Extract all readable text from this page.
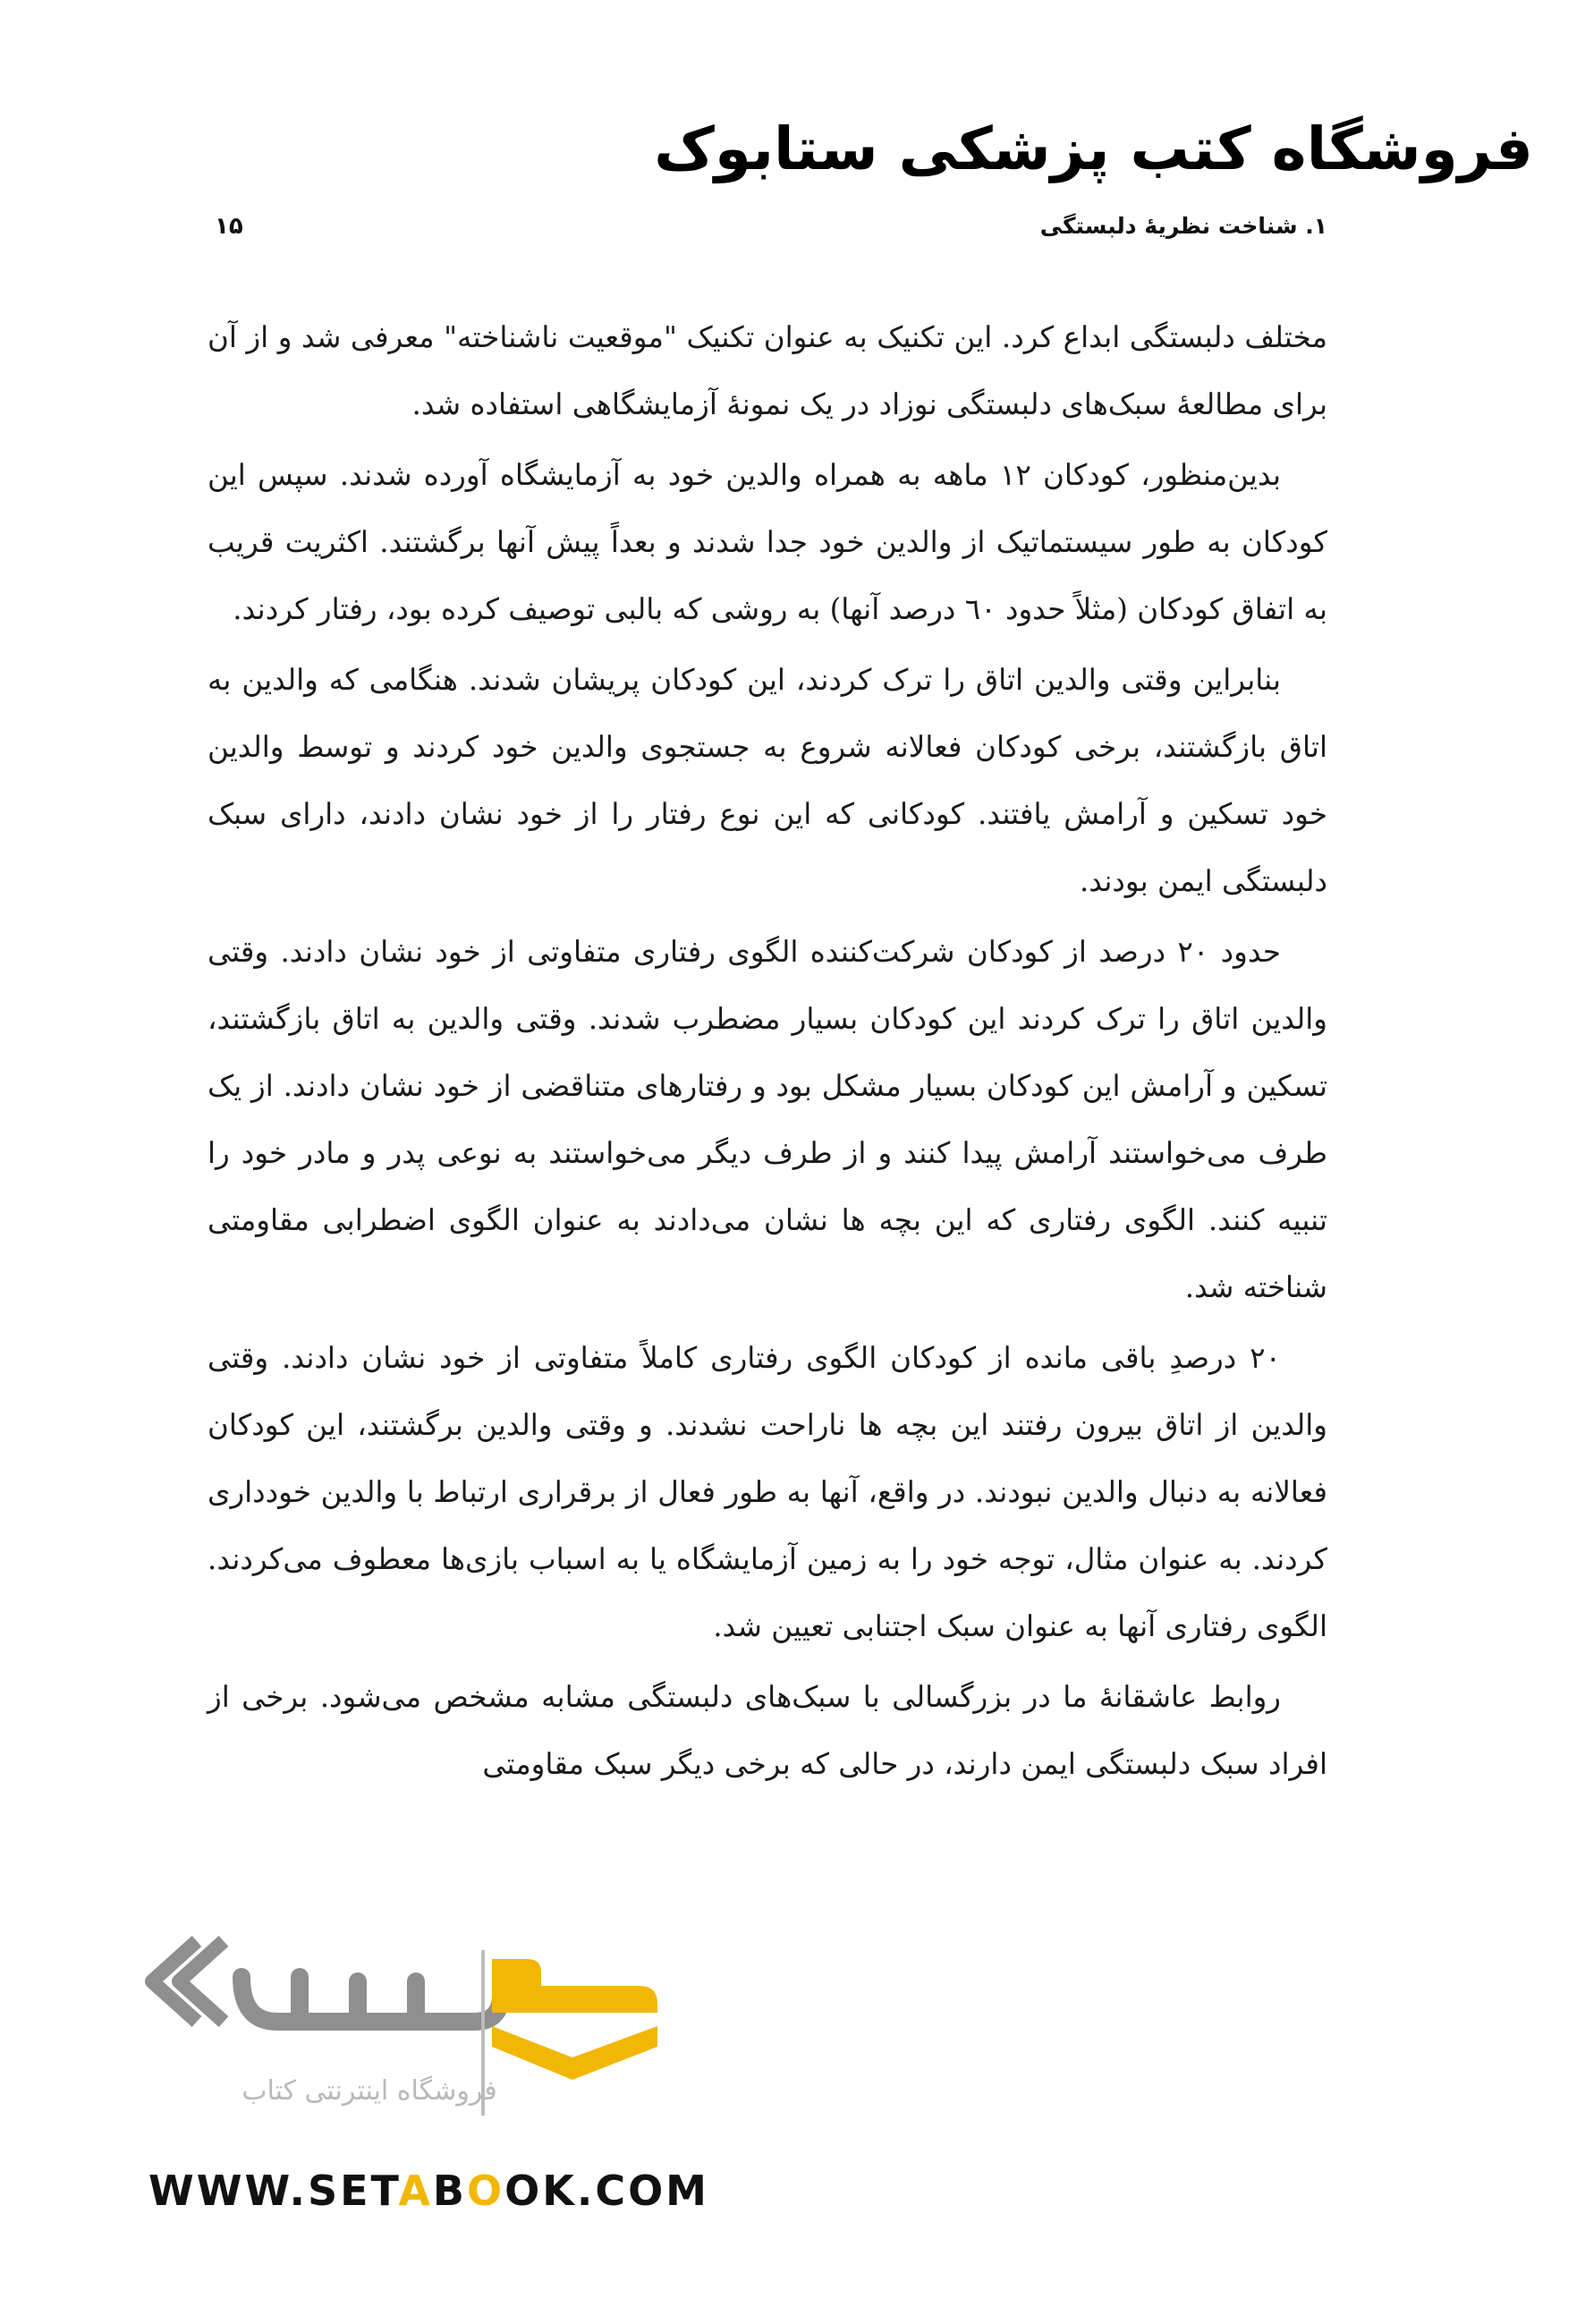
فروشگاه کتب پزشکی ستابوک
۱. شناخت نظریهٔ دلبستگی
۱۵

مختلف دلبستگی ابداع کرد. این تکنیک به عنوان تکنیک "موقعیت ناشناخته" معرفی شد و از آن برای مطالعهٔ سبک‌های دلبستگی نوزاد در یک نمونهٔ آزمایشگاهی استفاده شد.

بدین‌منظور، کودکان ۱۲ ماهه به همراه والدین خود به آزمایشگاه آورده شدند. سپس این کودکان به طور سیستماتیک از والدین خود جدا شدند و بعداً پیش آنها برگشتند. اکثریت قریب به اتفاق کودکان (مثلاً حدود ٦٠ درصد آنها) به روشی که بالبی توصیف کرده بود، رفتار کردند.

بنابراین وقتی والدین اتاق را ترک کردند، این کودکان پریشان شدند. هنگامی که والدین به اتاق بازگشتند، برخی کودکان فعالانه شروع به جستجوی والدین خود کردند و توسط والدین خود تسکین و آرامش یافتند. کودکانی که این نوع رفتار را از خود نشان دادند، دارای سبک دلبستگی ایمن بودند.

حدود ٢٠ درصد از کودکان شرکت‌کننده الگوی رفتاری متفاوتی از خود نشان دادند. وقتی والدین اتاق را ترک کردند این کودکان بسیار مضطرب شدند. وقتی والدین به اتاق بازگشتند، تسکین و آرامش این کودکان بسیار مشکل بود و رفتارهای متناقضی از خود نشان دادند. از یک طرف می‌خواستند آرامش پیدا کنند و از طرف دیگر می‌خواستند به نوعی پدر و مادر خود را تنبیه کنند. الگوی رفتاری که این بچه ها نشان می‌دادند به عنوان الگوی اضطرابی مقاومتی شناخته شد.

٢٠ درصدِ باقی مانده از کودکان الگوی رفتاری کاملاً متفاوتی از خود نشان دادند. وقتی والدین از اتاق بیرون رفتند این بچه ها ناراحت نشدند. و وقتی والدین برگشتند، این کودکان فعالانه به دنبال والدین نبودند. در واقع، آنها به طور فعال از برقراری ارتباط با والدین خودداری کردند. به عنوان مثال، توجه خود را به زمین آزمایشگاه یا به اسباب بازی‌ها معطوف می‌کردند. الگوی رفتاری آنها به عنوان سبک اجتنابی تعیین شد.

روابط عاشقانهٔ ما در بزرگسالی با سبک‌های دلبستگی مشابه مشخص می‌شود. برخی از افراد سبک دلبستگی ایمن دارند، در حالی که برخی دیگر سبک مقاومتی

فروشگاه اینترنتی کتاب
WWW.SETABOOK.COM
